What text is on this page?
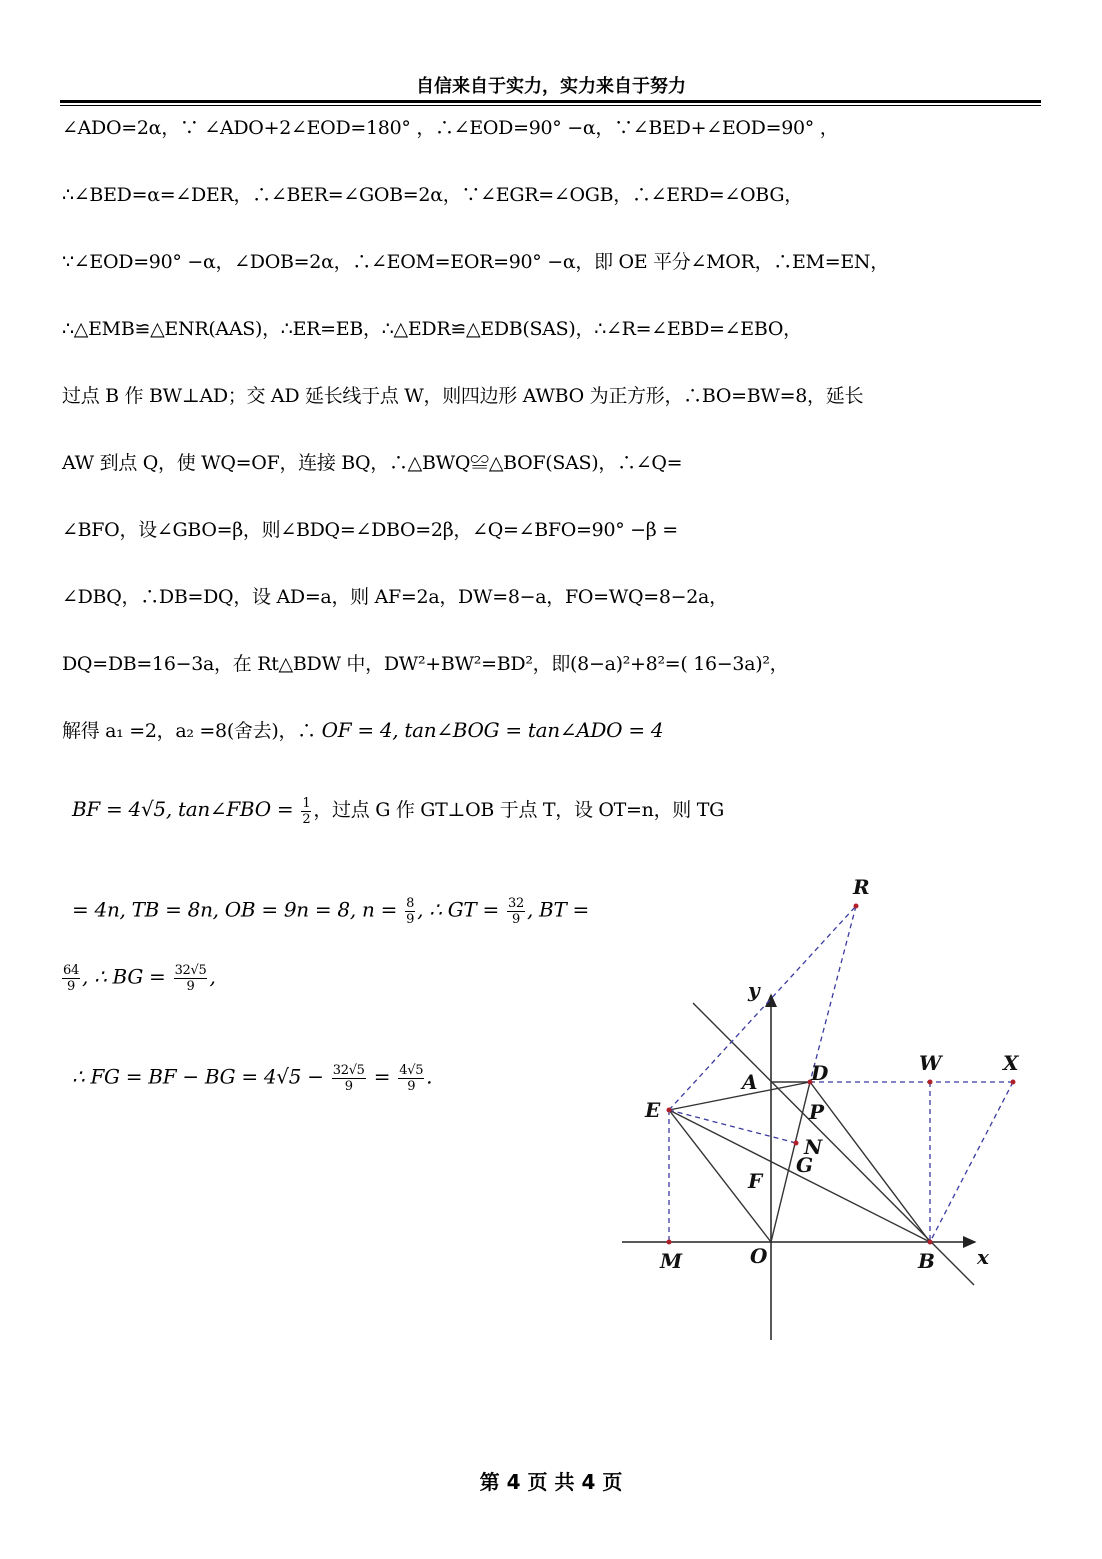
自信来自于实力，实力来自于努力
∠ADO=2α，∵ ∠ADO+2∠EOD=180° ，∴∠EOD=90° −α，∵∠BED+∠EOD=90° ，
∴∠BED=α=∠DER，∴∠BER=∠GOB=2α，∵∠EGR=∠OGB，∴∠ERD=∠OBG，
∵∠EOD=90° −α，∠DOB=2α，∴∠EOM=EOR=90° −α，即 OE 平分∠MOR，∴EM=EN，
∴△EMB≌△ENR(AAS)，∴ER=EB，∴△EDR≌△EDB(SAS)，∴∠R=∠EBD=∠EBO，
过点 B 作 BW⊥AD；交 AD 延长线于点 W，则四边形 AWBO 为正方形，∴BO=BW=8，延长
AW 到点 Q，使 WQ=OF，连接 BQ，∴△BWQ≌△BOF(SAS)，∴∠Q=
∠BFO，设∠GBO=β，则∠BDQ=∠DBO=2β，∠Q=∠BFO=90° −β =
∠DBQ，∴DB=DQ，设 AD=a，则 AF=2a，DW=8−a，FO=WQ=8−2a，
DQ=DB=16−3a，在 Rt△BDW 中，DW²+BW²=BD²，即(8−a)²+8²=( 16−3a)²，
解得 a₁ =2，a₂ =8(舍去)，∴ OF = 4, tan∠BOG = tan∠ADO = 4
BF = 4√5, tan∠FBO = $\frac{1}{2}$ ，过点 G 作 GT⊥OB 于点 T，设 OT=n，则 TG
= 4n, TB = 8n, OB = 9n = 8, $n = \frac{8}{9}$ , ∴ GT = $\frac{32}{9}$ , BT =
$\frac{64}{9}$ , ∴ BG = $\frac{32√5}{9}$ ,
∴ FG = BF − BG = $4√5 - \frac{32√5}{9} = \frac{4√5}{9}$ .
R
y
W	X
A	D
E	P
N
G
F
M	O	B x
第 4 页 共 4 页
